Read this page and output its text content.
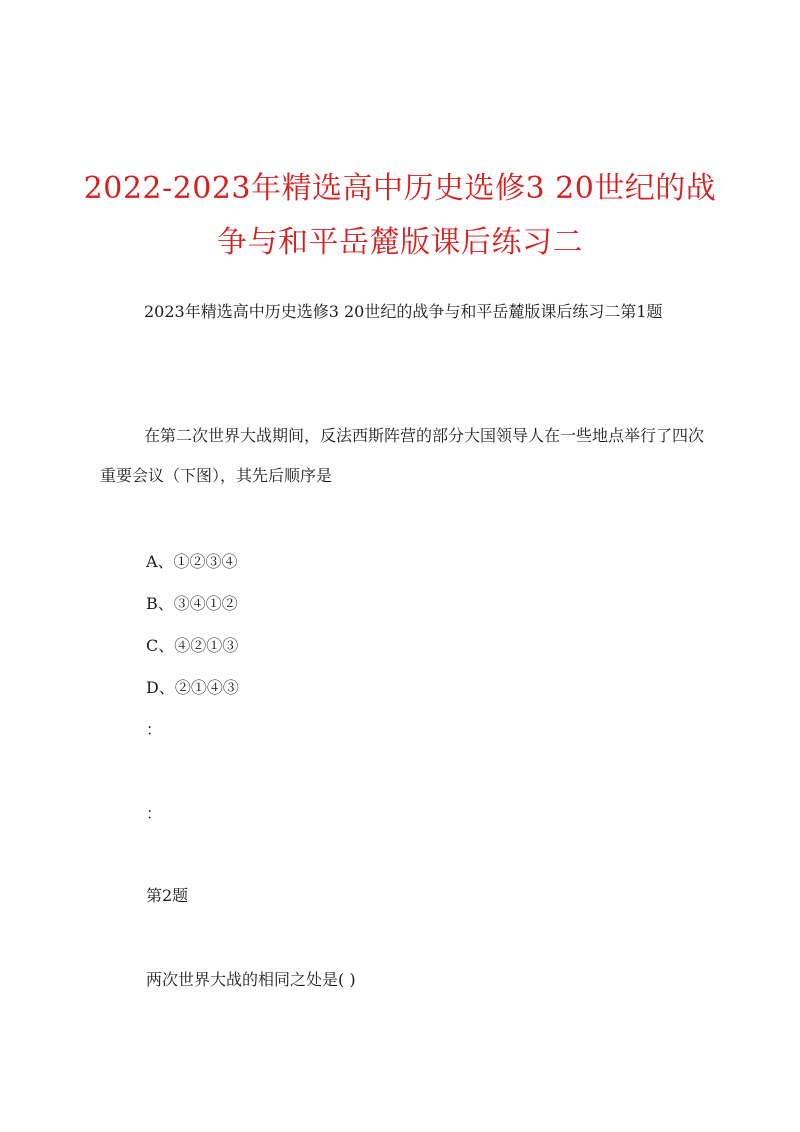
2022-2023年精选高中历史选修3 20世纪的战
争与和平岳麓版课后练习二
2023年精选高中历史选修3 20世纪的战争与和平岳麓版课后练习二第1题
在第二次世界大战期间，反法西斯阵营的部分大国领导人在一些地点举行了四次重要会议（下图），其先后顺序是
A、①②③④
B、③④①②
C、④②①③
D、②①④③
：
：
第2题
两次世界大战的相同之处是( )
